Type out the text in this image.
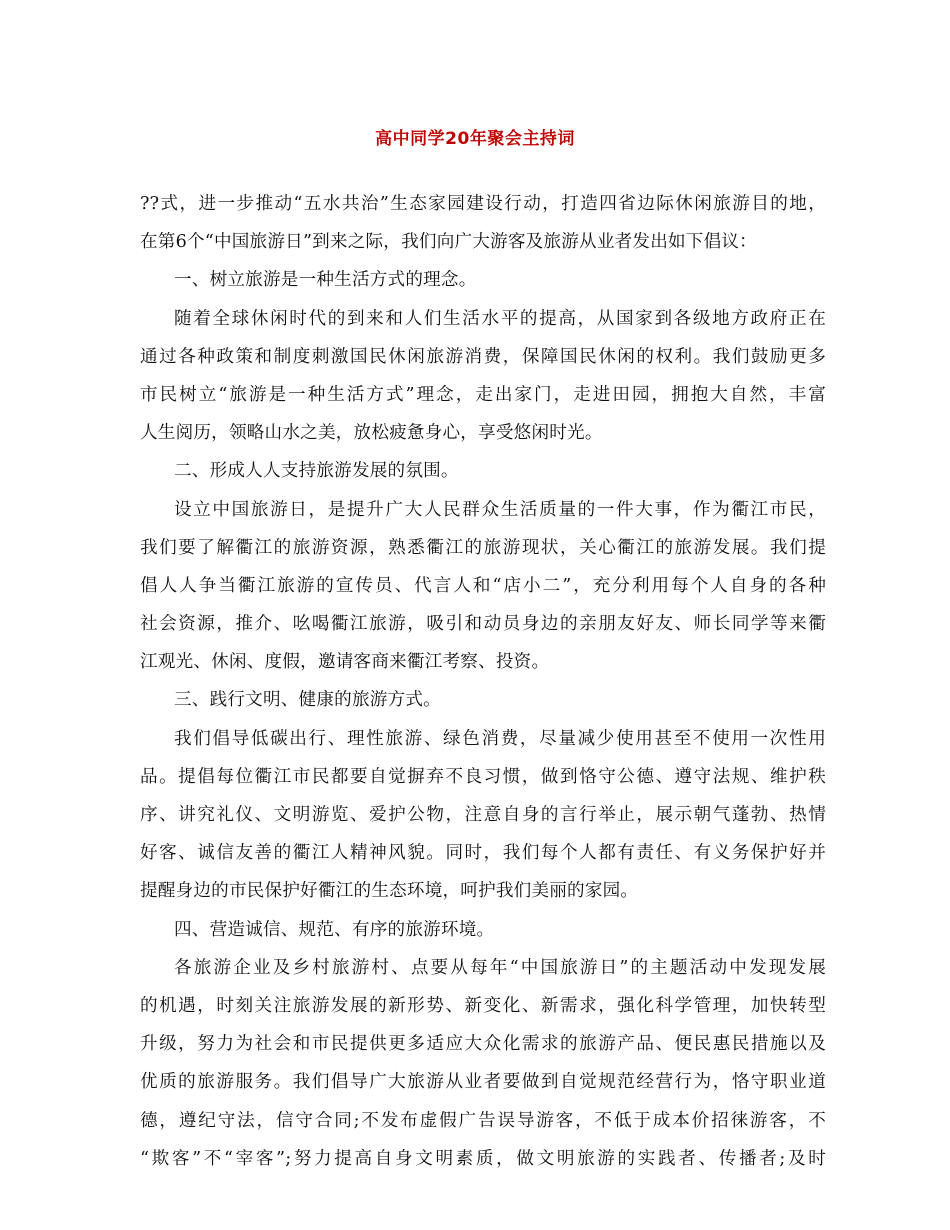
高中同学20年聚会主持词
??式，进一步推动“五水共治”生态家园建设行动，打造四省边际休闲旅游目的地，
在第6个“中国旅游日”到来之际，我们向广大游客及旅游从业者发出如下倡议：
一、树立旅游是一种生活方式的理念。
随着全球休闲时代的到来和人们生活水平的提高，从国家到各级地方政府正在
通过各种政策和制度刺激国民休闲旅游消费，保障国民休闲的权利。我们鼓励更多
市民树立“旅游是一种生活方式”理念，走出家门，走进田园，拥抱大自然，丰富
人生阅历，领略山水之美，放松疲惫身心，享受悠闲时光。
二、形成人人支持旅游发展的氛围。
设立中国旅游日，是提升广大人民群众生活质量的一件大事，作为衢江市民，
我们要了解衢江的旅游资源，熟悉衢江的旅游现状，关心衢江的旅游发展。我们提
倡人人争当衢江旅游的宣传员、代言人和“店小二”，充分利用每个人自身的各种
社会资源，推介、吆喝衢江旅游，吸引和动员身边的亲朋友好友、师长同学等来衢
江观光、休闲、度假，邀请客商来衢江考察、投资。
三、践行文明、健康的旅游方式。
我们倡导低碳出行、理性旅游、绿色消费，尽量减少使用甚至不使用一次性用
品。提倡每位衢江市民都要自觉摒弃不良习惯，做到恪守公德、遵守法规、维护秩
序、讲究礼仪、文明游览、爱护公物，注意自身的言行举止，展示朝气蓬勃、热情
好客、诚信友善的衢江人精神风貌。同时，我们每个人都有责任、有义务保护好并
提醒身边的市民保护好衢江的生态环境，呵护我们美丽的家园。
四、营造诚信、规范、有序的旅游环境。
各旅游企业及乡村旅游村、点要从每年“中国旅游日”的主题活动中发现发展
的机遇，时刻关注旅游发展的新形势、新变化、新需求，强化科学管理，加快转型
升级，努力为社会和市民提供更多适应大众化需求的旅游产品、便民惠民措施以及
优质的旅游服务。我们倡导广大旅游从业者要做到自觉规范经营行为，恪守职业道
德，遵纪守法，信守合同;不发布虚假广告误导游客，不低于成本价招徕游客，不
“欺客”不“宰客”;努力提高自身文明素质，做文明旅游的实践者、传播者;及时
